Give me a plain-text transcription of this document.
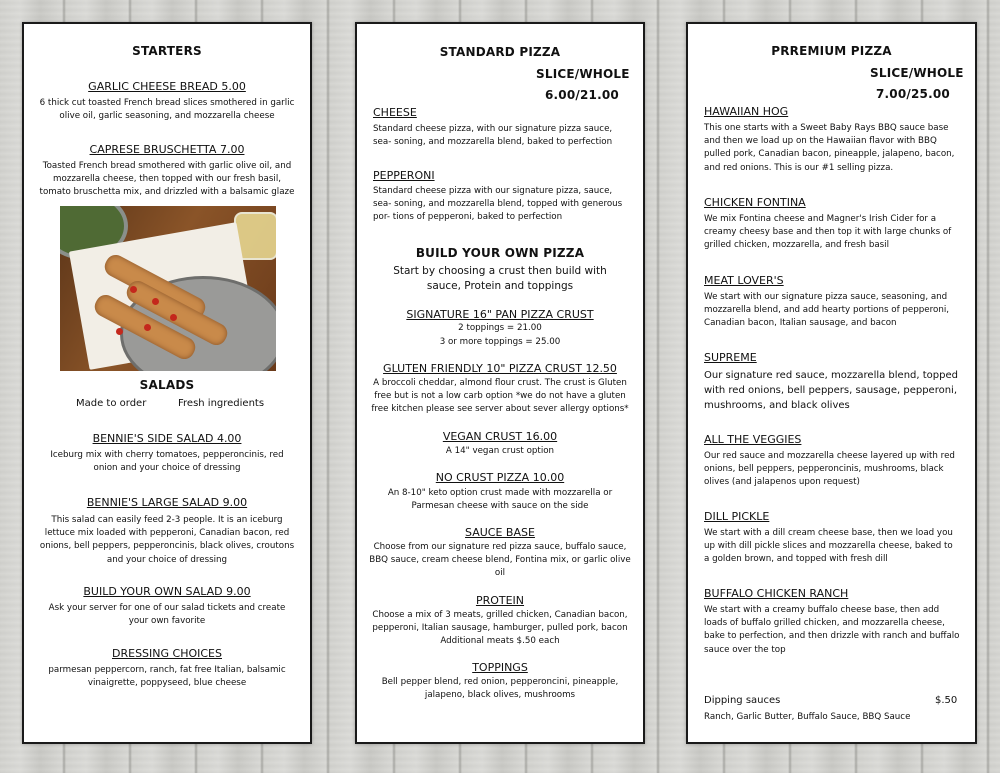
STARTERS
GARLIC CHEESE BREAD 5.00
6 thick cut toasted French bread slices smothered in garlic olive oil, garlic seasoning, and mozzarella cheese
CAPRESE BRUSCHETTA 7.00
Toasted French bread smothered with garlic olive oil, and mozzarella cheese, then topped with our fresh basil, tomato bruschetta mix, and drizzled with a balsamic glaze
SALADS
Made to order	Fresh ingredients
BENNIE'S SIDE SALAD 4.00
Iceburg mix with cherry tomatoes, pepperoncinis, red onion and your choice of dressing
BENNIE'S LARGE SALAD 9.00
This salad can easily feed 2-3 people. It is an iceburg lettuce mix loaded with pepperoni, Canadian bacon, red onions, bell peppers, pepperoncinis, black olives, croutons and your choice of dressing
BUILD YOUR OWN SALAD 9.00
Ask your server for one of our salad tickets and create your own favorite
DRESSING CHOICES
parmesan peppercorn, ranch, fat free Italian, balsamic vinaigrette, poppyseed, blue cheese
STANDARD PIZZA
SLICE/WHOLE
6.00/21.00
CHEESE
Standard cheese pizza, with our signature pizza sauce, sea- soning, and mozzarella blend, baked to perfection
PEPPERONI
Standard cheese pizza with our signature pizza, sauce, sea- soning, and mozzarella blend, topped with generous por- tions of pepperoni, baked to perfection
BUILD YOUR OWN PIZZA
Start by choosing a crust then build with sauce, Protein and toppings
SIGNATURE 16" PAN PIZZA CRUST
2 toppings = 21.00
3 or more toppings = 25.00
GLUTEN FRIENDLY 10" PIZZA CRUST 12.50
A broccoli cheddar, almond flour crust. The crust is Gluten free but is not a low carb option *we do not have a gluten free kitchen please see server about sever allergy options*
VEGAN CRUST 16.00
A 14" vegan crust option
NO CRUST PIZZA 10.00
An 8-10" keto option crust made with mozzarella or Parmesan cheese with sauce on the side
SAUCE BASE
Choose from our signature red pizza sauce, buffalo sauce, BBQ sauce, cream cheese blend, Fontina mix, or garlic olive oil
PROTEIN
Choose a mix of 3 meats, grilled chicken, Canadian bacon, pepperoni, Italian sausage, hamburger, pulled pork, bacon Additional meats $.50 each
TOPPINGS
Bell pepper blend, red onion, pepperoncini, pineapple, jalapeno, black olives, mushrooms
PRREMIUM PIZZA
SLICE/WHOLE
7.00/25.00
HAWAIIAN HOG
This one starts with a Sweet Baby Rays BBQ sauce base and then we load up on the Hawaiian flavor with BBQ pulled pork, Canadian bacon, pineapple, jalapeno, bacon, and red onions. This is our #1 selling pizza.
CHICKEN FONTINA
We mix Fontina cheese and Magner's Irish Cider for a creamy cheesy base and then top it with large chunks of grilled chicken, mozzarella, and fresh basil
MEAT LOVER'S
We start with our signature pizza sauce, seasoning, and mozzarella blend, and add hearty portions of pepperoni, Canadian bacon, Italian sausage, and bacon
SUPREME
Our signature red sauce, mozzarella blend, topped with red onions, bell peppers, sausage, pepperoni, mushrooms, and black olives
ALL THE VEGGIES
Our red sauce and mozzarella cheese layered up with red onions, bell peppers, pepperoncinis, mushrooms, black olives (and jalapenos upon request)
DILL PICKLE
We start with a dill cream cheese base, then we load you up with dill pickle slices and mozzarella cheese, baked to a golden brown, and topped with fresh dill
BUFFALO CHICKEN RANCH
We start with a creamy buffalo cheese base, then add loads of buffalo grilled chicken, and mozzarella cheese, bake to perfection, and then drizzle with ranch and buffalo sauce over the top
Dipping sauces	$.50
Ranch, Garlic Butter, Buffalo Sauce, BBQ Sauce
